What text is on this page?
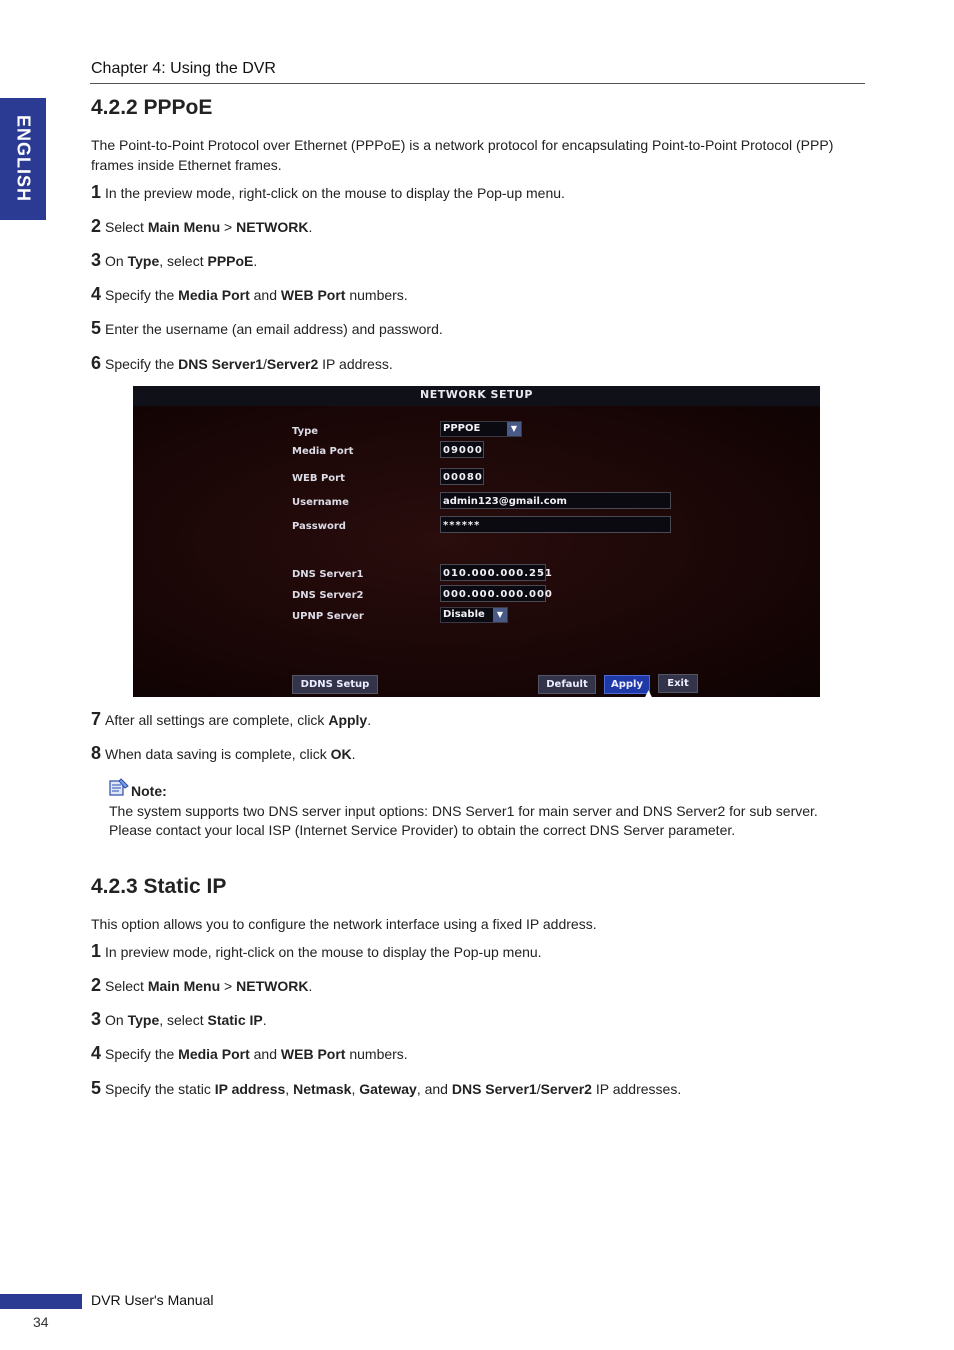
ENGLISH
Chapter 4: Using the DVR
4.2.2 PPPoE
The Point-to-Point Protocol over Ethernet (PPPoE) is a network protocol for encapsulating Point-to-Point Protocol (PPP) frames inside Ethernet frames.
1 In the preview mode, right-click on the mouse to display the Pop-up menu.
2 Select Main Menu > NETWORK.
3 On Type, select PPPoE.
4 Specify the Media Port and WEB Port numbers.
5 Enter the username (an email address) and password.
6 Specify the DNS Server1/Server2 IP address.
NETWORK SETUP
Type	PPPOE	▼
Media Port	09000
WEB Port	00080
Username	admin123@gmail.com
Password	******
DNS Server1	010.000.000.251
DNS Server2	000.000.000.000
UPNP Server	Disable	▼
DDNS Setup	Default	Apply	Exit
▲
7 After all settings are complete, click Apply.
8 When data saving is complete, click OK.
Note:
The system supports two DNS server input options: DNS Server1 for main server and DNS Server2 for sub server.
Please contact your local ISP (Internet Service Provider) to obtain the correct DNS Server parameter.
4.2.3 Static IP
This option allows you to configure the network interface using a fixed IP address.
1 In preview mode, right-click on the mouse to display the Pop-up menu.
2 Select Main Menu > NETWORK.
3 On Type, select Static IP.
4 Specify the Media Port and WEB Port numbers.
5 Specify the static IP address, Netmask, Gateway, and DNS Server1/Server2 IP addresses.
DVR User's Manual
34
